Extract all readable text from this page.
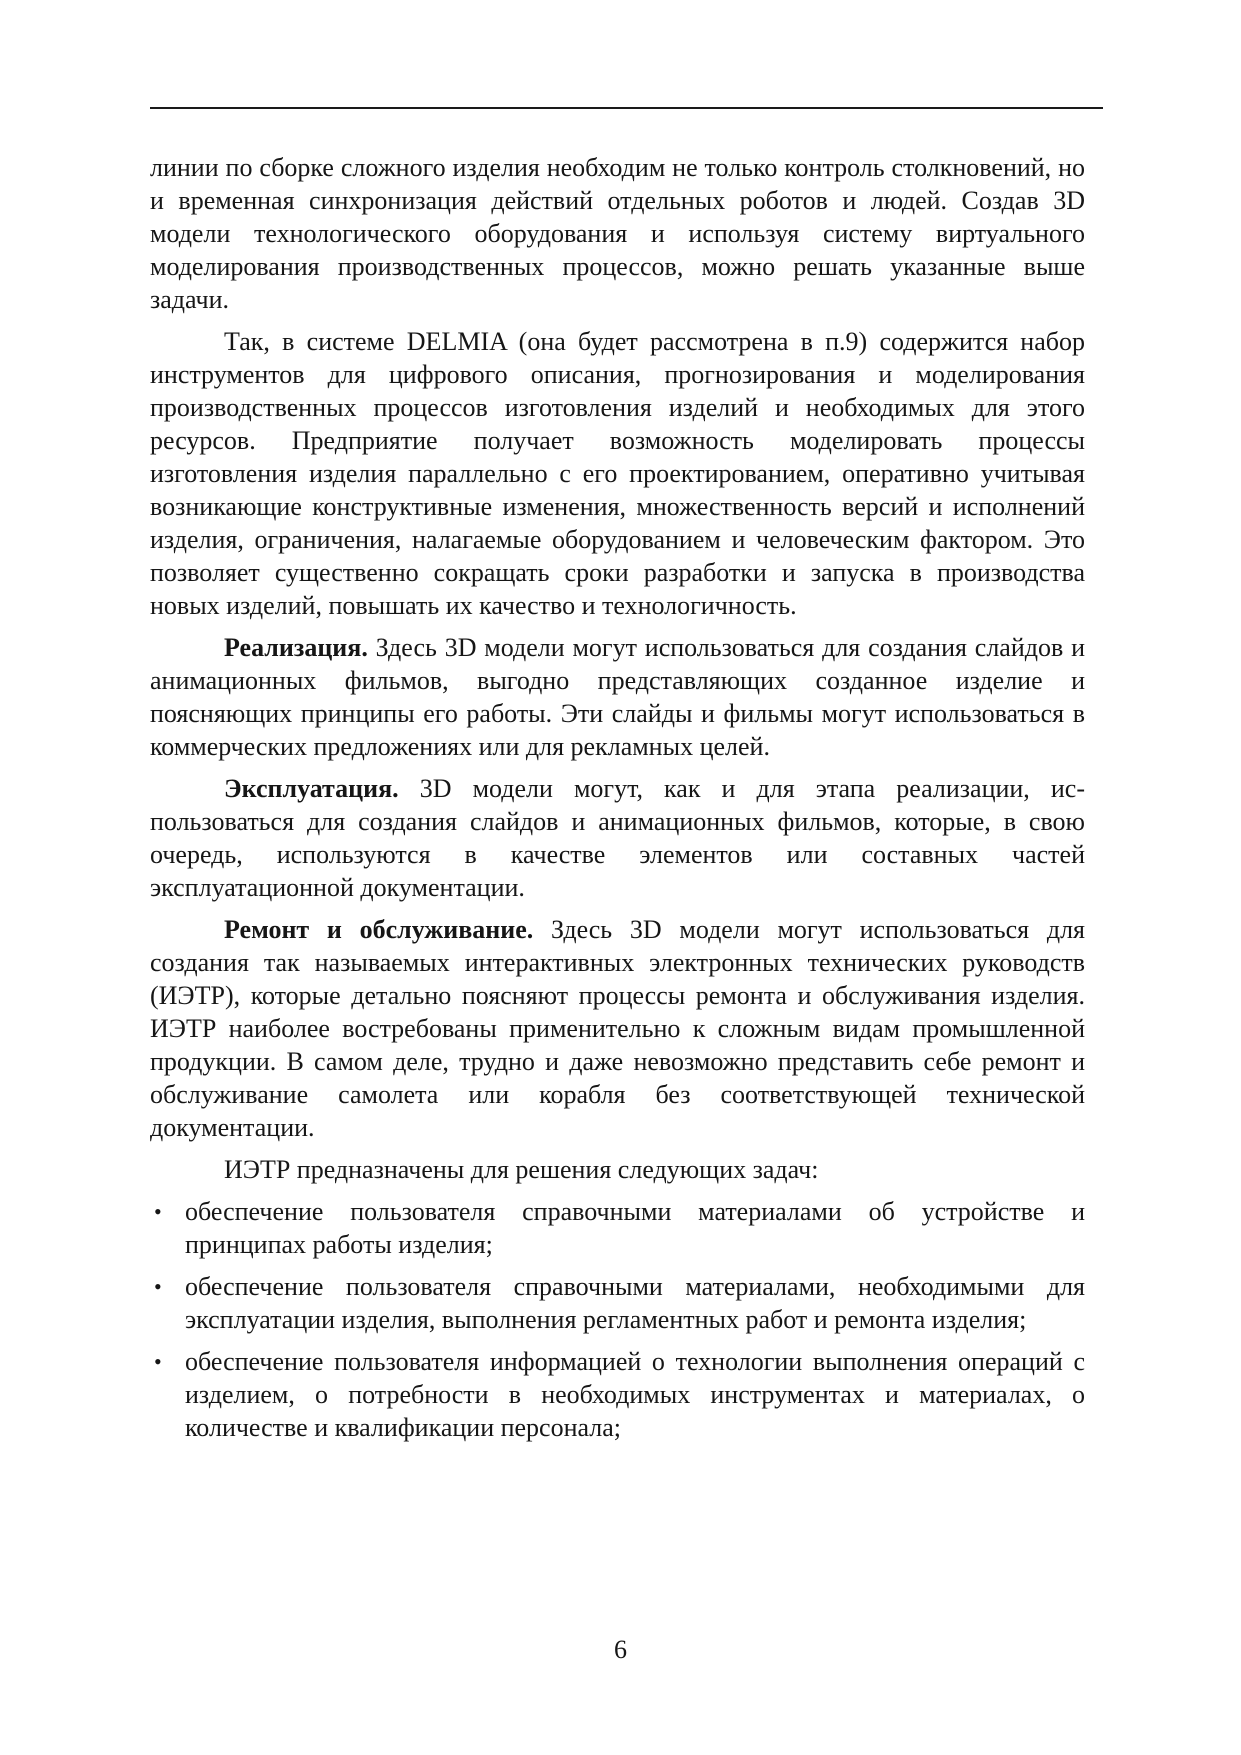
линии по сборке сложного изделия необходим не только контроль столкновений, но и временная синхронизация действий отдельных роботов и людей. Создав 3D модели технологического оборудования и используя систему виртуального моделирования производственных процессов, можно решать указанные выше задачи.

Так, в системе DELMIA (она будет рассмотрена в п.9) содержится набор инструментов для цифрового описания, прогнозирования и моделирования производственных процессов изготовления изделий и необходимых для этого ресурсов. Предприятие получает возможность моделировать процессы изготовления изделия параллельно с его проектированием, оперативно учитывая возникающие конструктивные изменения, множественность версий и исполнений изделия, ограничения, налагаемые оборудованием и человеческим фактором. Это позволяет существенно сокращать сроки разработки и запуска в производства новых изделий, повышать их качество и технологичность.

Реализация. Здесь 3D модели могут использоваться для создания слайдов и анимационных фильмов, выгодно представляющих созданное изделие и поясняющих принципы его работы. Эти слайды и фильмы могут использоваться в коммерческих предложениях или для рекламных целей.

Эксплуатация. 3D модели могут, как и для этапа реализации, использоваться для создания слайдов и анимационных фильмов, которые, в свою очередь, используются в качестве элементов или составных частей эксплуатационной документации.

Ремонт и обслуживание. Здесь 3D модели могут использоваться для создания так называемых интерактивных электронных технических руководств (ИЭТР), которые детально поясняют процессы ремонта и обслуживания изделия. ИЭТР наиболее востребованы применительно к сложным видам промышленной продукции. В самом деле, трудно и даже невозможно представить себе ремонт и обслуживание самолета или корабля без соответствующей технической документации.

ИЭТР предназначены для решения следующих задач:

• обеспечение пользователя справочными материалами об устройстве и принципах работы изделия;
• обеспечение пользователя справочными материалами, необходимыми для эксплуатации изделия, выполнения регламентных работ и ремонта изделия;
• обеспечение пользователя информацией о технологии выполнения операций с изделием, о потребности в необходимых инструментах и материалах, о количестве и квалификации персонала;
6
